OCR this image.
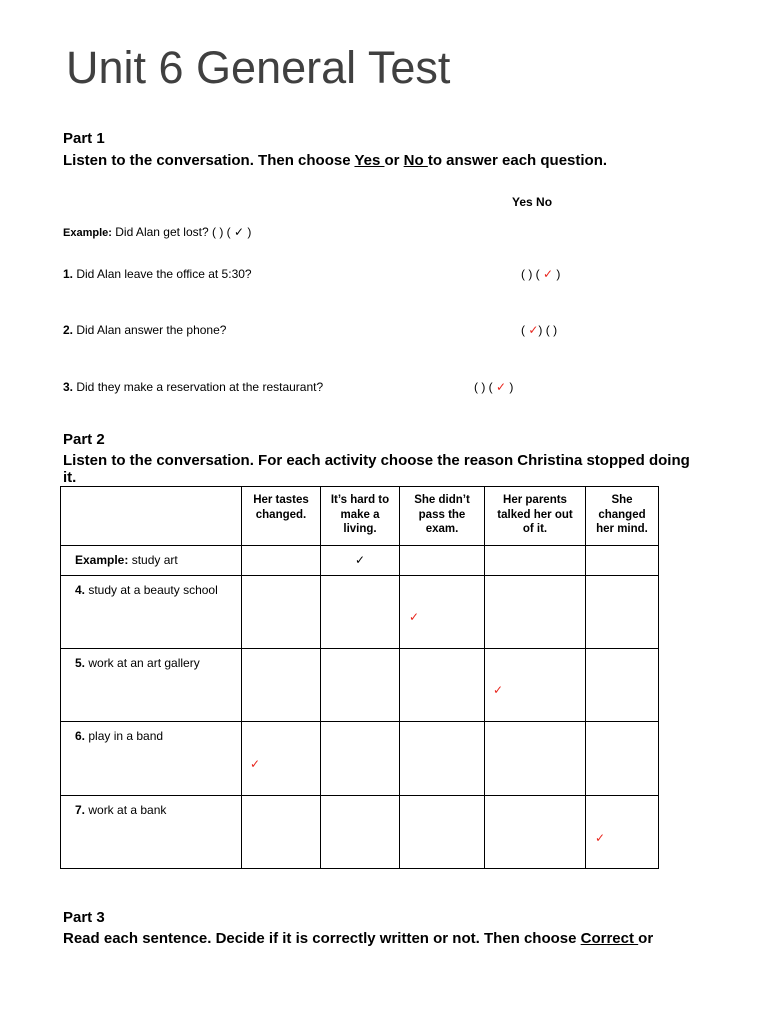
Unit 6 General Test
Part 1
Listen to the conversation. Then choose Yes or No to answer each question.
Yes No
Example: Did Alan get lost? ( ) ( ✓ )
1. Did Alan leave the office at 5:30?	( ) ( ✓ )
2. Did Alan answer the phone?	( ✓) ( )
3. Did they make a reservation at the restaurant?	( ) ( ✓ )
Part 2
Listen to the conversation. For each activity choose the reason Christina stopped doing
it.

	Her tastes changed.	It’s hard to make a living.	She didn’t pass the exam.	Her parents talked her out of it.	She changed her mind.

Example: study art		✓			
4. study at a beauty school			✓		
5. work at an art gallery				✓	
6. play in a band	✓				
7. work at a bank					✓
Part 3
Read each sentence. Decide if it is correctly written or not. Then choose Correct or
